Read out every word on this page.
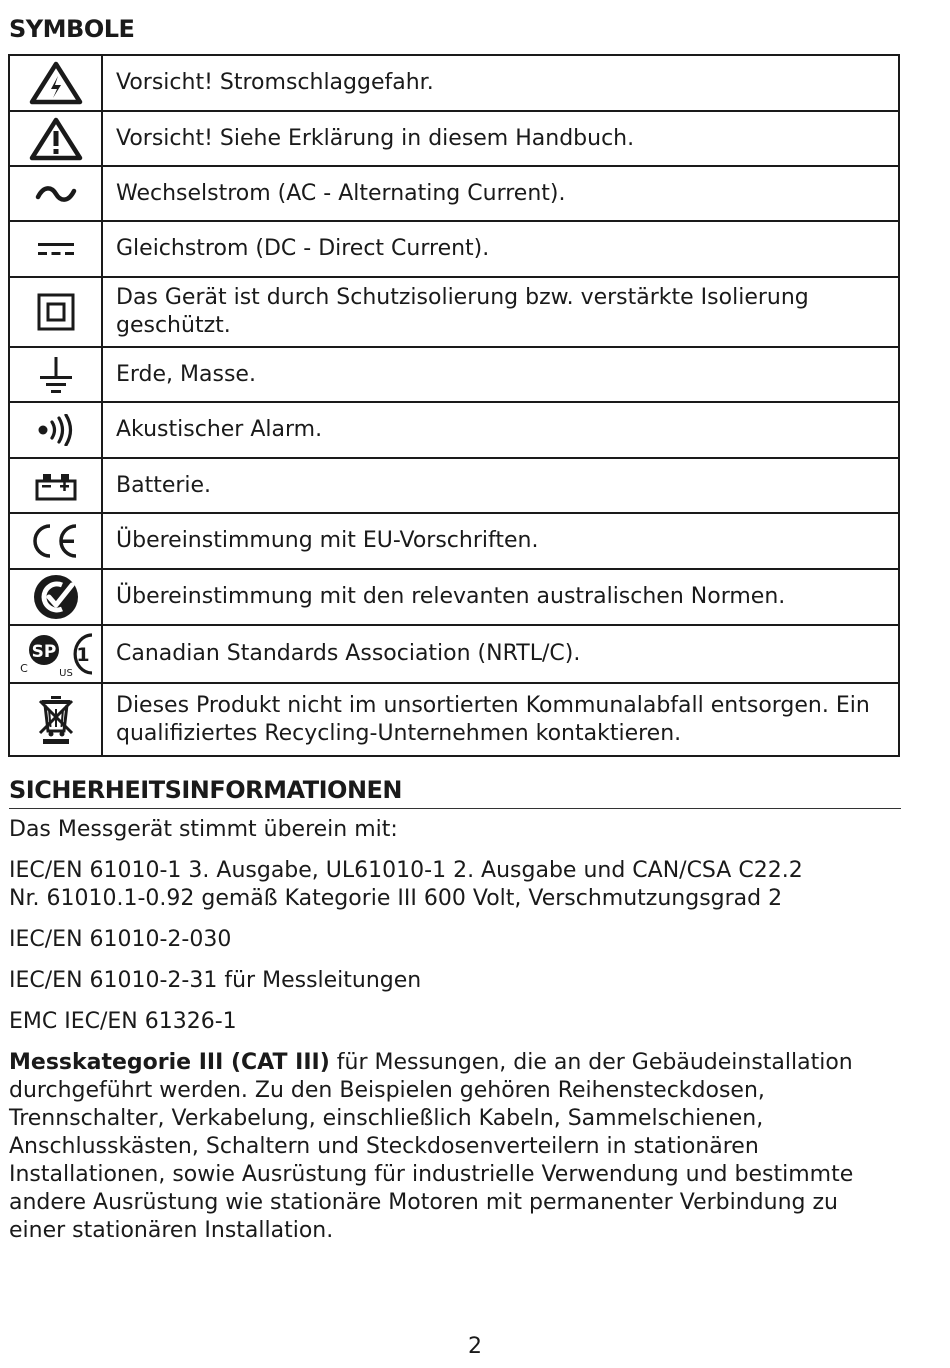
SYMBOLE
	Vorsicht! Stromschlaggefahr.

	Vorsicht! Siehe Erklärung in diesem Handbuch.

	Wechselstrom (AC - Alternating Current).

	Gleichstrom (DC - Direct Current).

	Das Gerät ist durch Schutzisolierung bzw. verstärkte Isolierung geschützt.

	Erde, Masse.

	Akustischer Alarm.

	Batterie.

	Übereinstimmung mit EU-Vorschriften.

	Übereinstimmung mit den relevanten australischen Normen.

SP
C US
1	Canadian Standards Association (NRTL/C).

	Dieses Produkt nicht im unsortierten Kommunalabfall entsorgen. Ein qualifiziertes Recycling-Unternehmen kontaktieren.
SICHERHEITSINFORMATIONEN

Das Messgerät stimmt überein mit:

IEC/EN 61010-1 3. Ausgabe, UL61010-1 2. Ausgabe und CAN/CSA C22.2
Nr. 61010.1-0.92 gemäß Kategorie III 600 Volt, Verschmutzungsgrad 2

IEC/EN 61010-2-030

IEC/EN 61010-2-31 für Messleitungen

EMC IEC/EN 61326-1

Messkategorie III (CAT III) für Messungen, die an der Gebäudeinstallation
durchgeführt werden. Zu den Beispielen gehören Reihensteckdosen,
Trennschalter, Verkabelung, einschließlich Kabeln, Sammelschienen,
Anschlusskästen, Schaltern und Steckdosenverteilern in stationären
Installationen, sowie Ausrüstung für industrielle Verwendung und bestimmte
andere Ausrüstung wie stationäre Motoren mit permanenter Verbindung zu
einer stationären Installation.

2
